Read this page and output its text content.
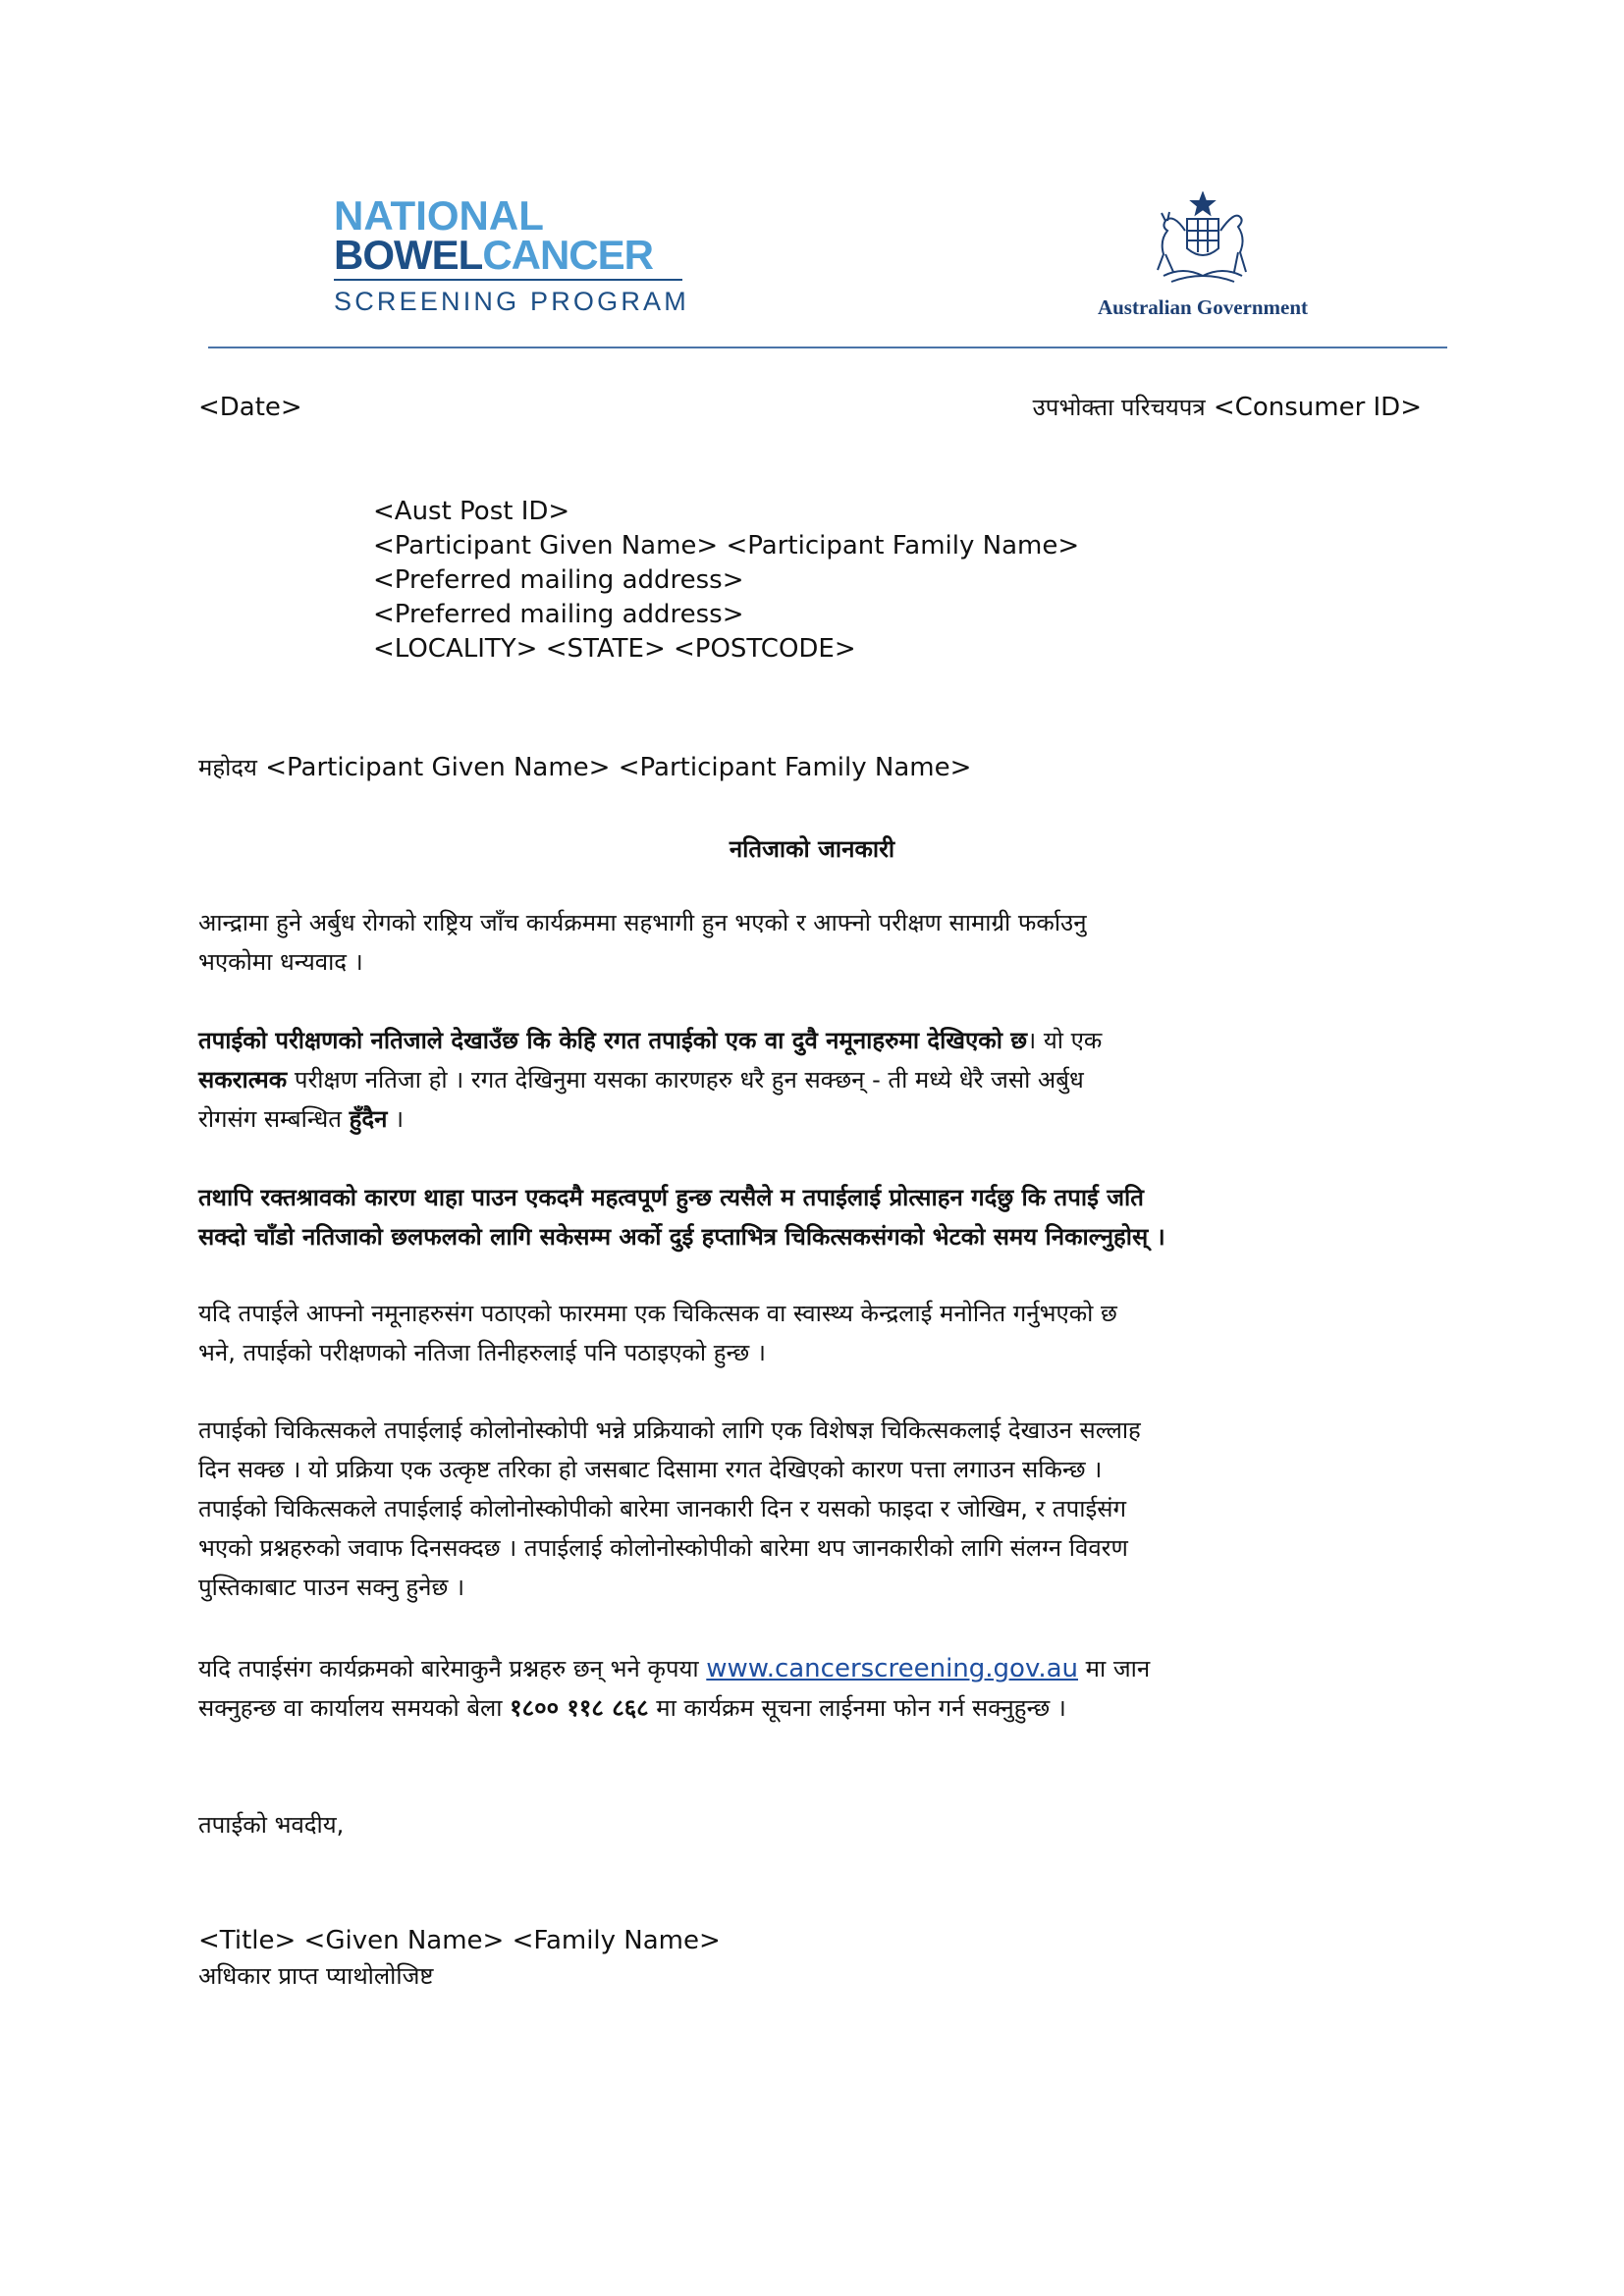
NATIONAL
BOWELCANCER
SCREENING PROGRAM	Australian Government
<Date>	उपभोक्ता परिचयपत्र <Consumer ID>
<Aust Post ID>
<Participant Given Name> <Participant Family Name>
<Preferred mailing address>
<Preferred mailing address>
<LOCALITY> <STATE> <POSTCODE>
महोदय <Participant Given Name> <Participant Family Name>
नतिजाको जानकारी
आन्द्रामा हुने अर्बुध रोगको राष्ट्रिय जाँच कार्यक्रममा सहभागी हुन भएको र आफ्नो परीक्षण सामाग्री फर्काउनु
भएकोमा धन्यवाद ।
तपाईको परीक्षणको नतिजाले देखाउँछ कि केहि रगत तपाईको एक वा दुवै नमूनाहरुमा देखिएको छ। यो एक
सकरात्मक परीक्षण नतिजा हो । रगत देखिनुमा यसका कारणहरु धरै हुन सक्छन् - ती मध्ये धेरै जसो अर्बुध
रोगसंग सम्बन्धित हुँदैन ।
तथापि रक्तश्रावको कारण थाहा पाउन एकदमै महत्वपूर्ण हुन्छ त्यसैले म तपाईलाई प्रोत्साहन गर्दछु कि तपाई जति
सक्दो चाँडो नतिजाको छलफलको लागि सकेसम्म अर्को दुई हप्ताभित्र चिकित्सकसंगको भेटको समय निकाल्नुहोस् ।
यदि तपाईले आफ्नो नमूनाहरुसंग पठाएको फारममा एक चिकित्सक वा स्वास्थ्य केन्द्रलाई मनोनित गर्नुभएको छ
भने, तपाईको परीक्षणको नतिजा तिनीहरुलाई पनि पठाइएको हुन्छ ।
तपाईको चिकित्सकले तपाईलाई कोलोनोस्कोपी भन्ने प्रक्रियाको लागि एक विशेषज्ञ चिकित्सकलाई देखाउन सल्लाह
दिन सक्छ । यो प्रक्रिया एक उत्कृष्ट तरिका हो जसबाट दिसामा रगत देखिएको कारण पत्ता लगाउन सकिन्छ ।
तपाईको चिकित्सकले तपाईलाई कोलोनोस्कोपीको बारेमा जानकारी दिन र यसको फाइदा र जोखिम, र तपाईसंग
भएको प्रश्नहरुको जवाफ दिनसक्दछ । तपाईलाई कोलोनोस्कोपीको बारेमा थप जानकारीको लागि संलग्न विवरण
पुस्तिकाबाट पाउन सक्नु हुनेछ ।
यदि तपाईसंग कार्यक्रमको बारेमाकुनै प्रश्नहरु छन् भने कृपया www.cancerscreening.gov.au मा जान
सक्नुहन्छ वा कार्यालय समयको बेला १८०० ११८ ८६८ मा कार्यक्रम सूचना लाईनमा फोन गर्न सक्नुहुन्छ ।
तपाईको भवदीय,
<Title> <Given Name> <Family Name>
अधिकार प्राप्त प्याथोलोजिष्ट
